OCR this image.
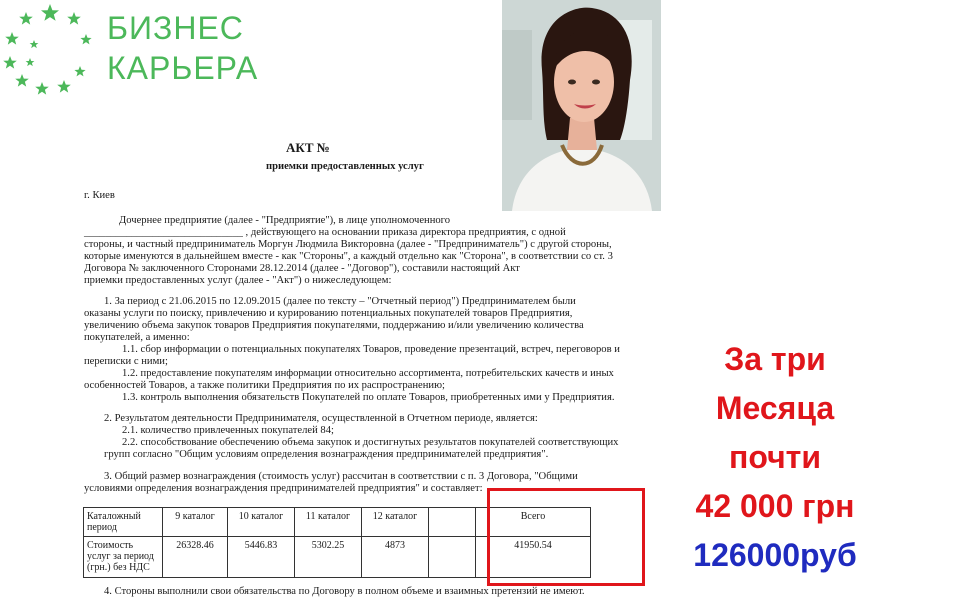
БИЗНЕС
КАРЬЕРА
АКТ №
приемки предоставленных услуг
г. Киев
Дочернее предприятие (далее - "Предприятие"), в лице уполномоченного
______________________________ , действующего на основании приказа директора предприятия, с одной
стороны, и частный предприниматель Моргун Людмила Викторовна (далее - "Предприниматель") с другой стороны,
которые именуются в дальнейшем вместе - как "Стороны", а каждый отдельно как "Сторона", в соответствии со ст. 3
Договора № заключенного Сторонами 28.12.2014 (далее - "Договор"), составили настоящий Акт
приемки предоставленных услуг (далее - "Акт") о нижеследующем:
1. За период с 21.06.2015 по 12.09.2015 (далее по тексту – "Отчетный период") Предпринимателем были
оказаны услуги по поиску, привлечению и курированию потенциальных покупателей товаров Предприятия,
увеличению объема закупок товаров Предприятия покупателями, поддержанию и/или увеличению количества
покупателей, а именно:
1.1. сбор информации о потенциальных покупателях Товаров, проведение презентаций, встреч, переговоров и
переписки с ними;
1.2. предоставление покупателям информации относительно ассортимента, потребительских качеств и иных
особенностей Товаров, а также политики Предприятия по их распространению;
1.3. контроль выполнения обязательств Покупателей по оплате Товаров, приобретенных ими у Предприятия.
2. Результатом деятельности Предпринимателя, осуществленной в Отчетном периоде, является:
2.1. количество привлеченных покупателей 84;
2.2. способствование обеспечению объема закупок и достигнутых результатов покупателей соответствующих
групп согласно "Общим условиям определения вознаграждения предпринимателей предприятия".
3. Общий размер вознаграждения (стоимость услуг) рассчитан в соответствии с п. 3 Договора, "Общими
условиями определения вознаграждения предпринимателей предприятия" и составляет:
4. Стороны выполнили свои обязательства по Договору в полном объеме и взаимных претензий не имеют.
Каталожный период	9 каталог	10 каталог	11 каталог	12 каталог		Всего
Стоимость услуг за период (грн.) без НДС	26328.46	5446.83	5302.25	4873		41950.54
За три
Месяца
почти
42 000 грн
126000руб
